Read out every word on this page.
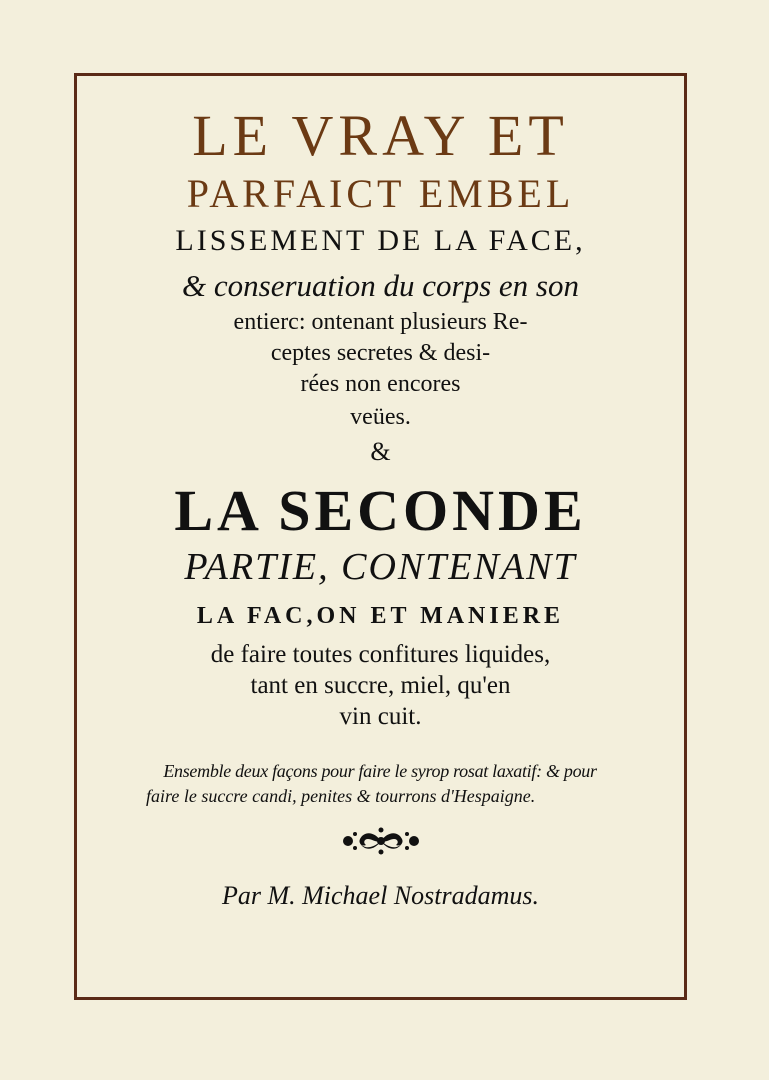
LE VRAY ET
PARFAICT EMBEL
LISSEMENT DE LA FACE,
& conseruation du corps en son
entierc: ontenant plusieurs Re-
ceptes secretes & desi-
rées non encores
veües.
&
LA SECONDE
PARTIE, CONTENANT
LA FAC,ON ET MANIERE
de faire toutes confitures liquides,
tant en succre, miel, qu'en
vin cuit.
Ensemble deux façons pour faire le syrop rosat laxatif: & pour
faire le succre candi, penites & tourrons d'Hespaigne.
Par M. Michael Nostradamus.
